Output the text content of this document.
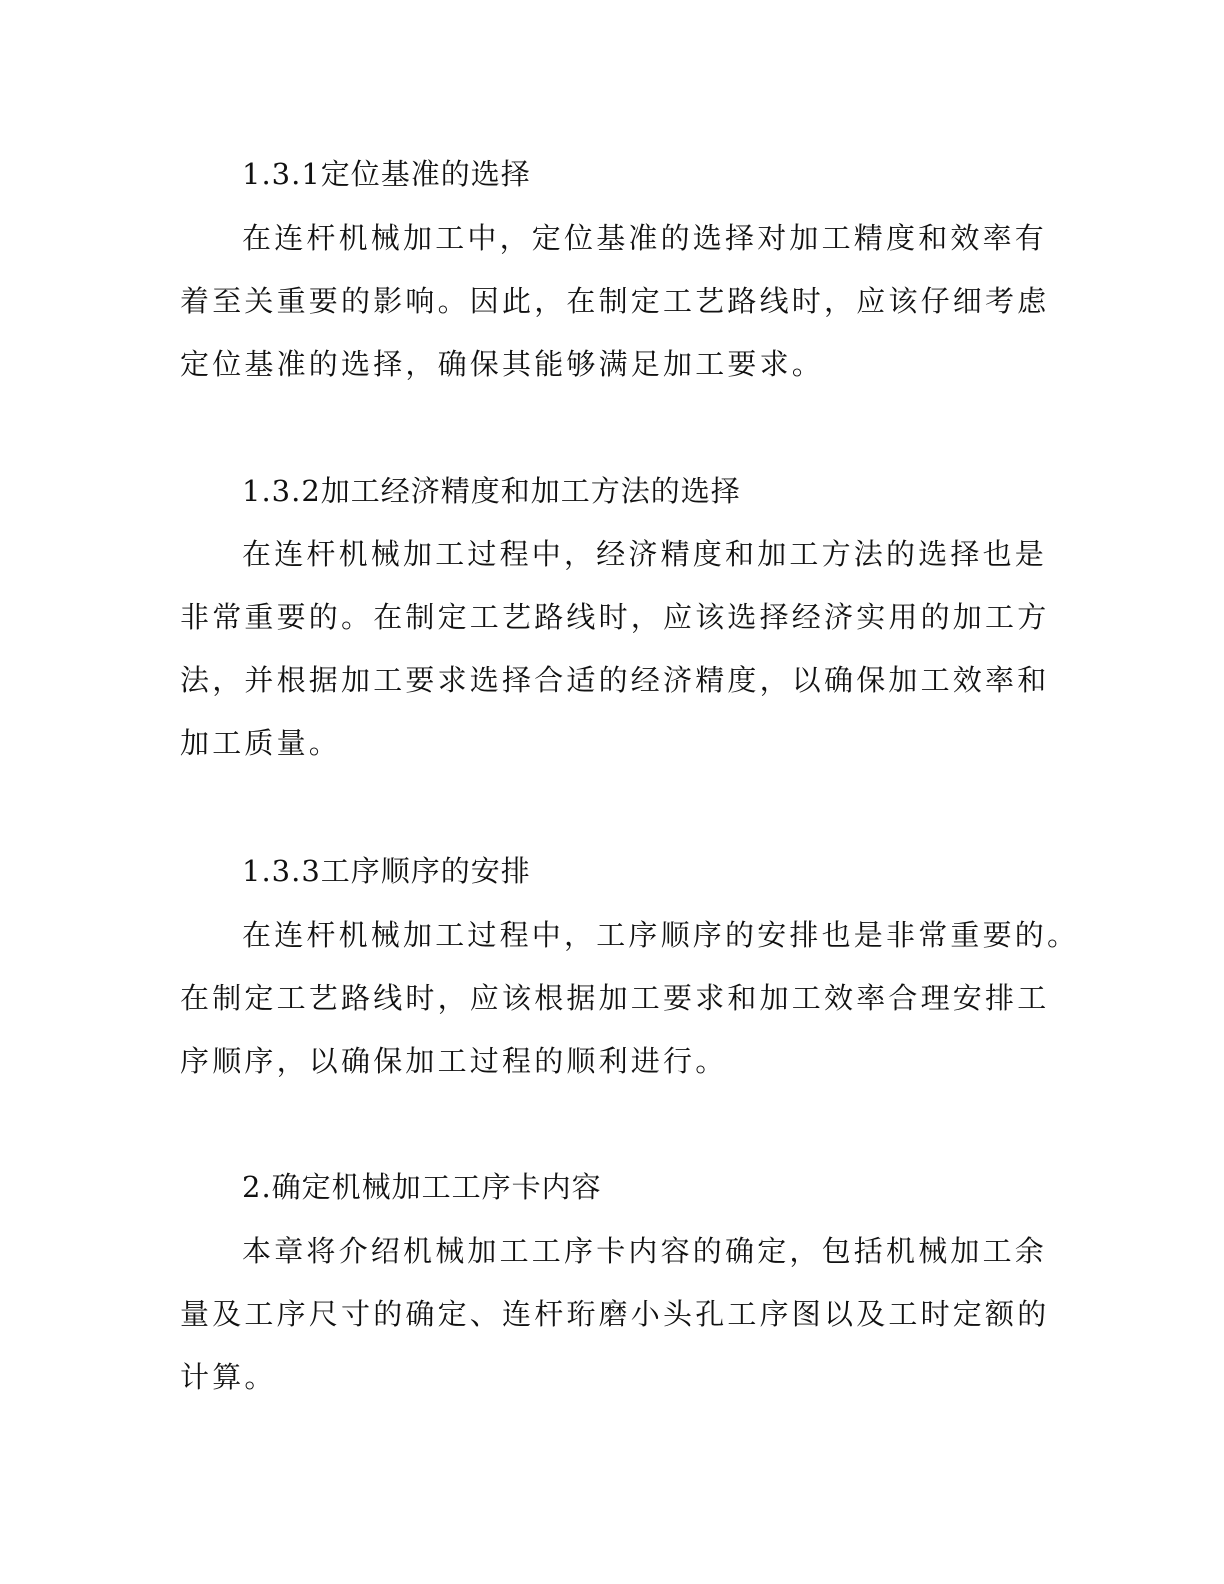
1.3.1定位基准的选择
在连杆机械加工中，定位基准的选择对加工精度和效率有
着至关重要的影响。因此，在制定工艺路线时，应该仔细考虑
定位基准的选择，确保其能够满足加工要求。
1.3.2加工经济精度和加工方法的选择
在连杆机械加工过程中，经济精度和加工方法的选择也是
非常重要的。在制定工艺路线时，应该选择经济实用的加工方
法，并根据加工要求选择合适的经济精度，以确保加工效率和
加工质量。
1.3.3工序顺序的安排
在连杆机械加工过程中，工序顺序的安排也是非常重要的。
在制定工艺路线时，应该根据加工要求和加工效率合理安排工
序顺序，以确保加工过程的顺利进行。
2.确定机械加工工序卡内容
本章将介绍机械加工工序卡内容的确定，包括机械加工余
量及工序尺寸的确定、连杆珩磨小头孔工序图以及工时定额的
计算。
